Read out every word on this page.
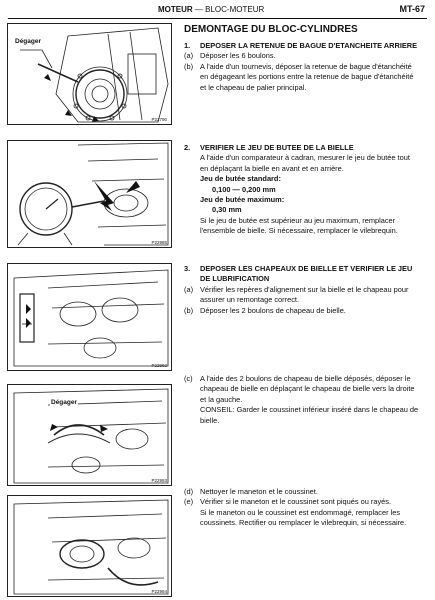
MOTEUR — BLOC-MOTEUR	MT-67
Dégager
P22790
P22985
P22992
Dégager
P22993
P22994
DEMONTAGE DU BLOC-CYLINDRES
1. DEPOSER LA RETENUE DE BAGUE D'ETANCHEITE ARRIERE
(a) Déposer les 6 boulons.
(b) A l'aide d'un tournevis, déposer la retenue de bague d'étanchéité en dégageant les portions entre la retenue de bague d'étanchéité et le chapeau de palier principal.
2. VERIFIER LE JEU DE BUTEE DE LA BIELLE

A l'aide d'un comparateur à cadran, mesurer le jeu de butée tout en déplaçant la bielle en avant et en arrière.

Jeu de butée standard:

0,100 — 0,200 mm

Jeu de butée maximum:

0,30 mm

Si le jeu de butée est supérieur au jeu maximum, remplacer l'ensemble de bielle. Si nécessaire, remplacer le vilebrequin.

3. DEPOSER LES CHAPEAUX DE BIELLE ET VERIFIER LE JEU DE LUBRIFICATION
(a) Vérifier les repères d'alignement sur la bielle et le chapeau pour assurer un remontage correct.
(b) Déposer les 2 boulons de chapeau de bielle.
(c) A l'aide des 2 boulons de chapeau de bielle déposés, déposer le chapeau de bielle en déplaçant le chapeau de bielle vers la droite et la gauche.

CONSEIL: Garder le coussinet inférieur inséré dans le chapeau de bielle.

(d) Nettoyer le maneton et le coussinet.
(e) Vérifier si le maneton et le coussinet sont piqués ou rayés.

Si le maneton ou le coussinet est endommagé, remplacer les coussinets. Rectifier ou remplacer le vilebrequin, si nécessaire.
